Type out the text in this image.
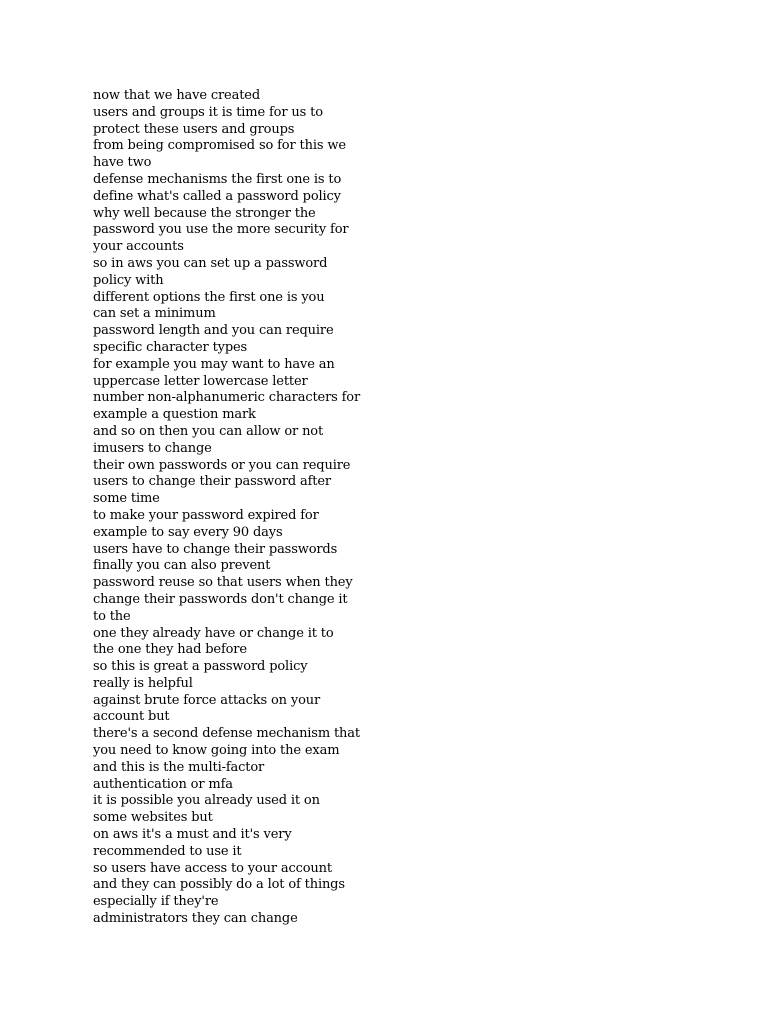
now that we have created
users and groups it is time for us to
protect these users and groups
from being compromised so for this we
have two
defense mechanisms the first one is to
define what's called a password policy
why well because the stronger the
password you use the more security for
your accounts
so in aws you can set up a password
policy with
different options the first one is you
can set a minimum
password length and you can require
specific character types
for example you may want to have an
uppercase letter lowercase letter
number non-alphanumeric characters for
example a question mark
and so on then you can allow or not
imusers to change
their own passwords or you can require
users to change their password after
some time
to make your password expired for
example to say every 90 days
users have to change their passwords
finally you can also prevent
password reuse so that users when they
change their passwords don't change it
to the
one they already have or change it to
the one they had before
so this is great a password policy
really is helpful
against brute force attacks on your
account but
there's a second defense mechanism that
you need to know going into the exam
and this is the multi-factor
authentication or mfa
it is possible you already used it on
some websites but
on aws it's a must and it's very
recommended to use it
so users have access to your account
and they can possibly do a lot of things
especially if they're
administrators they can change
